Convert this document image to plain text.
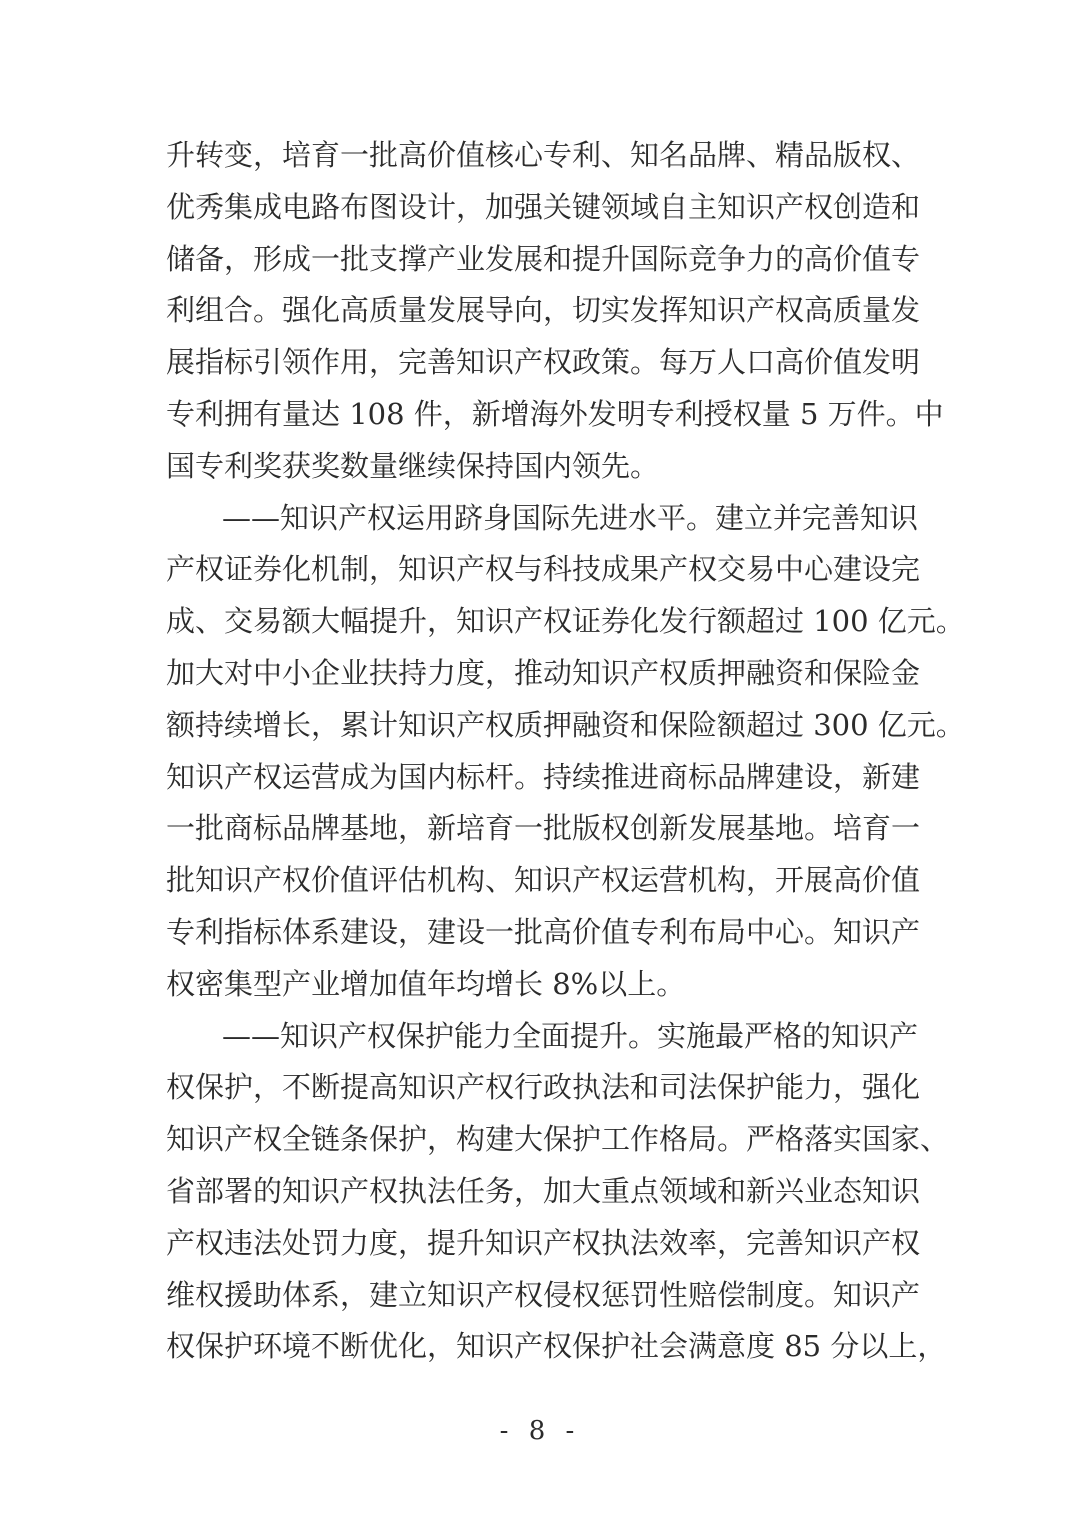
升转变，培育一批高价值核心专利、知名品牌、精品版权、
优秀集成电路布图设计，加强关键领域自主知识产权创造和
储备，形成一批支撑产业发展和提升国际竞争力的高价值专
利组合。强化高质量发展导向，切实发挥知识产权高质量发
展指标引领作用，完善知识产权政策。每万人口高价值发明
专利拥有量达 108 件，新增海外发明专利授权量 5 万件。中
国专利奖获奖数量继续保持国内领先。
——知识产权运用跻身国际先进水平。建立并完善知识
产权证券化机制，知识产权与科技成果产权交易中心建设完
成、交易额大幅提升，知识产权证券化发行额超过 100 亿元。
加大对中小企业扶持力度，推动知识产权质押融资和保险金
额持续增长，累计知识产权质押融资和保险额超过 300 亿元。
知识产权运营成为国内标杆。持续推进商标品牌建设，新建
一批商标品牌基地，新培育一批版权创新发展基地。培育一
批知识产权价值评估机构、知识产权运营机构，开展高价值
专利指标体系建设，建设一批高价值专利布局中心。知识产
权密集型产业增加值年均增长 8%以上。
——知识产权保护能力全面提升。实施最严格的知识产
权保护，不断提高知识产权行政执法和司法保护能力，强化
知识产权全链条保护，构建大保护工作格局。严格落实国家、
省部署的知识产权执法任务，加大重点领域和新兴业态知识
产权违法处罚力度，提升知识产权执法效率，完善知识产权
维权援助体系，建立知识产权侵权惩罚性赔偿制度。知识产
权保护环境不断优化，知识产权保护社会满意度 85 分以上，
- 8 -
